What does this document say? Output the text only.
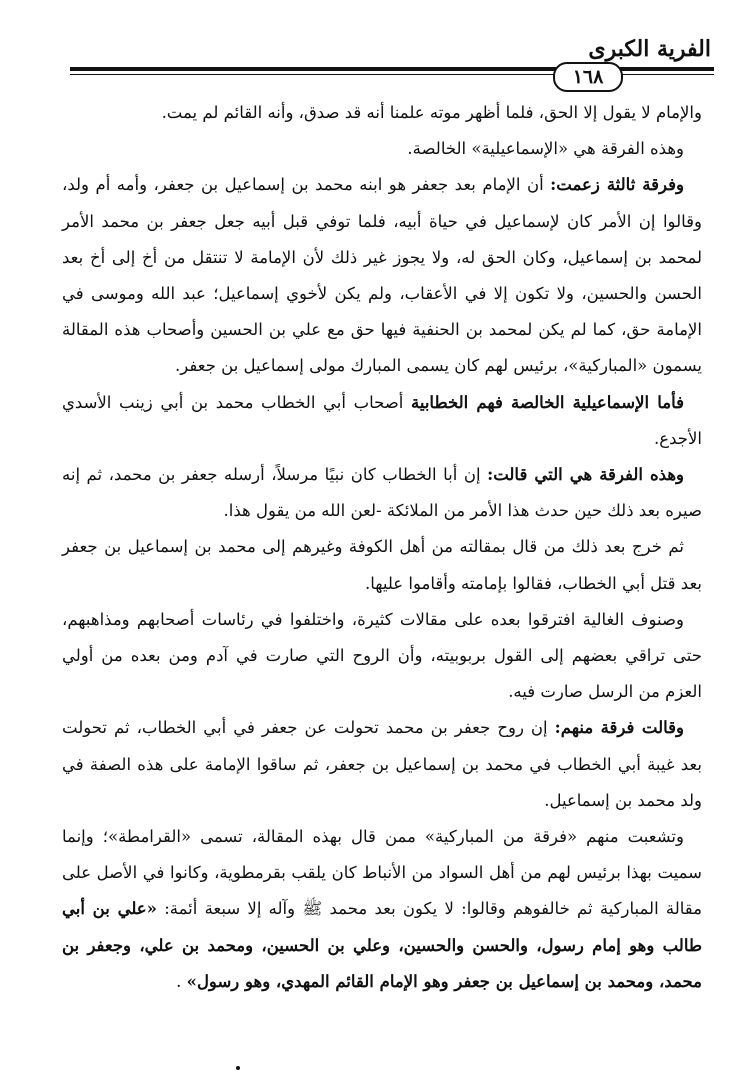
الفرية الكبرى
١٦٨

والإمام لا يقول إلا الحق، فلما أظهر موته علمنا أنه قد صدق، وأنه القائم لم يمت.

وهذه الفرقة هي «الإسماعيلية» الخالصة.

وفرقة ثالثة زعمت: أن الإمام بعد جعفر هو ابنه محمد بن إسماعيل بن جعفر، وأمه أم ولد، وقالوا إن الأمر كان لإسماعيل في حياة أبيه، فلما توفي قبل أبيه جعل جعفر بن محمد الأمر لمحمد بن إسماعيل، وكان الحق له، ولا يجوز غير ذلك لأن الإمامة لا تنتقل من أخ إلى أخ بعد الحسن والحسين، ولا تكون إلا في الأعقاب، ولم يكن لأخوي إسماعيل؛ عبد الله وموسى في الإمامة حق، كما لم يكن لمحمد بن الحنفية فيها حق مع علي بن الحسين وأصحاب هذه المقالة يسمون «المباركية»، برئيس لهم كان يسمى المبارك مولى إسماعيل بن جعفر.

فأما الإسماعيلية الخالصة فهم الخطابية أصحاب أبي الخطاب محمد بن أبي زينب الأسدي الأجدع.

وهذه الفرقة هي التي قالت: إن أبا الخطاب كان نبيًا مرسلاً، أرسله جعفر بن محمد، ثم إنه صيره بعد ذلك حين حدث هذا الأمر من الملائكة -لعن الله من يقول هذا.

ثم خرج بعد ذلك من قال بمقالته من أهل الكوفة وغيرهم إلى محمد بن إسماعيل بن جعفر بعد قتل أبي الخطاب، فقالوا بإمامته وأقاموا عليها.

وصنوف الغالية افترقوا بعده على مقالات كثيرة، واختلفوا في رئاسات أصحابهم ومذاهبهم، حتى تراقي بعضهم إلى القول بربوبيته، وأن الروح التي صارت في آدم ومن بعده من أولي العزم من الرسل صارت فيه.

وقالت فرقة منهم: إن روح جعفر بن محمد تحولت عن جعفر في أبي الخطاب، ثم تحولت بعد غيبة أبي الخطاب في محمد بن إسماعيل بن جعفر، ثم ساقوا الإمامة على هذه الصفة في ولد محمد بن إسماعيل.

وتشعبت منهم «فرقة من المباركية» ممن قال بهذه المقالة، تسمى «القرامطة»؛ وإنما سميت بهذا برئيس لهم من أهل السواد من الأنباط كان يلقب بقرمطوية، وكانوا في الأصل على مقالة المباركية ثم خالفوهم وقالوا: لا يكون بعد محمد ﷺ وآله إلا سبعة أئمة: «علي بن أبي طالب وهو إمام رسول، والحسن والحسين، وعلي بن الحسين، ومحمد بن علي، وجعفر بن محمد، ومحمد بن إسماعيل بن جعفر وهو الإمام القائم المهدي، وهو رسول» .
